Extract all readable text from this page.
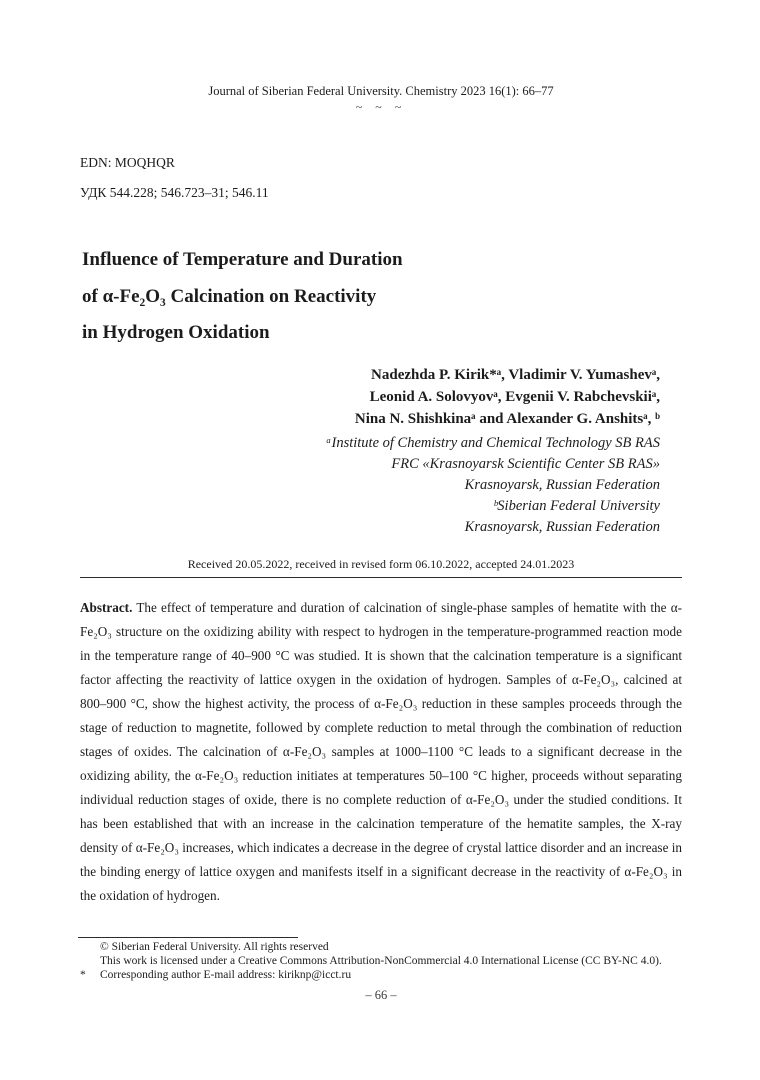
Journal of Siberian Federal University. Chemistry 2023 16(1): 66–77
~ ~ ~
EDN: MOQHQR
УДК 544.228; 546.723–31; 546.11
Influence of Temperature and Duration
of α-Fe₂O₃ Calcination on Reactivity
in Hydrogen Oxidation
Nadezhda P. Kirik*ᵃ, Vladimir V. Yumashevᵃ,
Leonid A. Solovyovᵃ, Evgenii V. Rabchevskiiᵃ,
Nina N. Shishkinaᵃ and Alexander G. Anshitsᵃ, ᵇ
ᵃInstitute of Chemistry and Chemical Technology SB RAS
FRC «Krasnoyarsk Scientific Center SB RAS»
Krasnoyarsk, Russian Federation
ᵇSiberian Federal University
Krasnoyarsk, Russian Federation
Received 20.05.2022, received in revised form 06.10.2022, accepted 24.01.2023

Abstract. The effect of temperature and duration of calcination of single-phase samples of hematite with the α-Fe₂O₃ structure on the oxidizing ability with respect to hydrogen in the temperature-programmed reaction mode in the temperature range of 40–900 °C was studied. It is shown that the calcination temperature is a significant factor affecting the reactivity of lattice oxygen in the oxidation of hydrogen. Samples of α-Fe₂O₃, calcined at 800–900 °C, show the highest activity, the process of α-Fe₂O₃ reduction in these samples proceeds through the stage of reduction to magnetite, followed by complete reduction to metal through the combination of reduction stages of oxides. The calcination of α-Fe₂O₃ samples at 1000–1100 °C leads to a significant decrease in the oxidizing ability, the α-Fe₂O₃ reduction initiates at temperatures 50–100 °C higher, proceeds without separating individual reduction stages of oxide, there is no complete reduction of α-Fe₂O₃ under the studied conditions. It has been established that with an increase in the calcination temperature of the hematite samples, the X-ray density of α-Fe₂O₃ increases, which indicates a decrease in the degree of crystal lattice disorder and an increase in the binding energy of lattice oxygen and manifests itself in a significant decrease in the reactivity of α-Fe₂O₃ in the oxidation of hydrogen.

© Siberian Federal University. All rights reserved
This work is licensed under a Creative Commons Attribution-NonCommercial 4.0 International License (CC BY-NC 4.0).
* Corresponding author E-mail address: kiriknp@icct.ru
– 66 –
